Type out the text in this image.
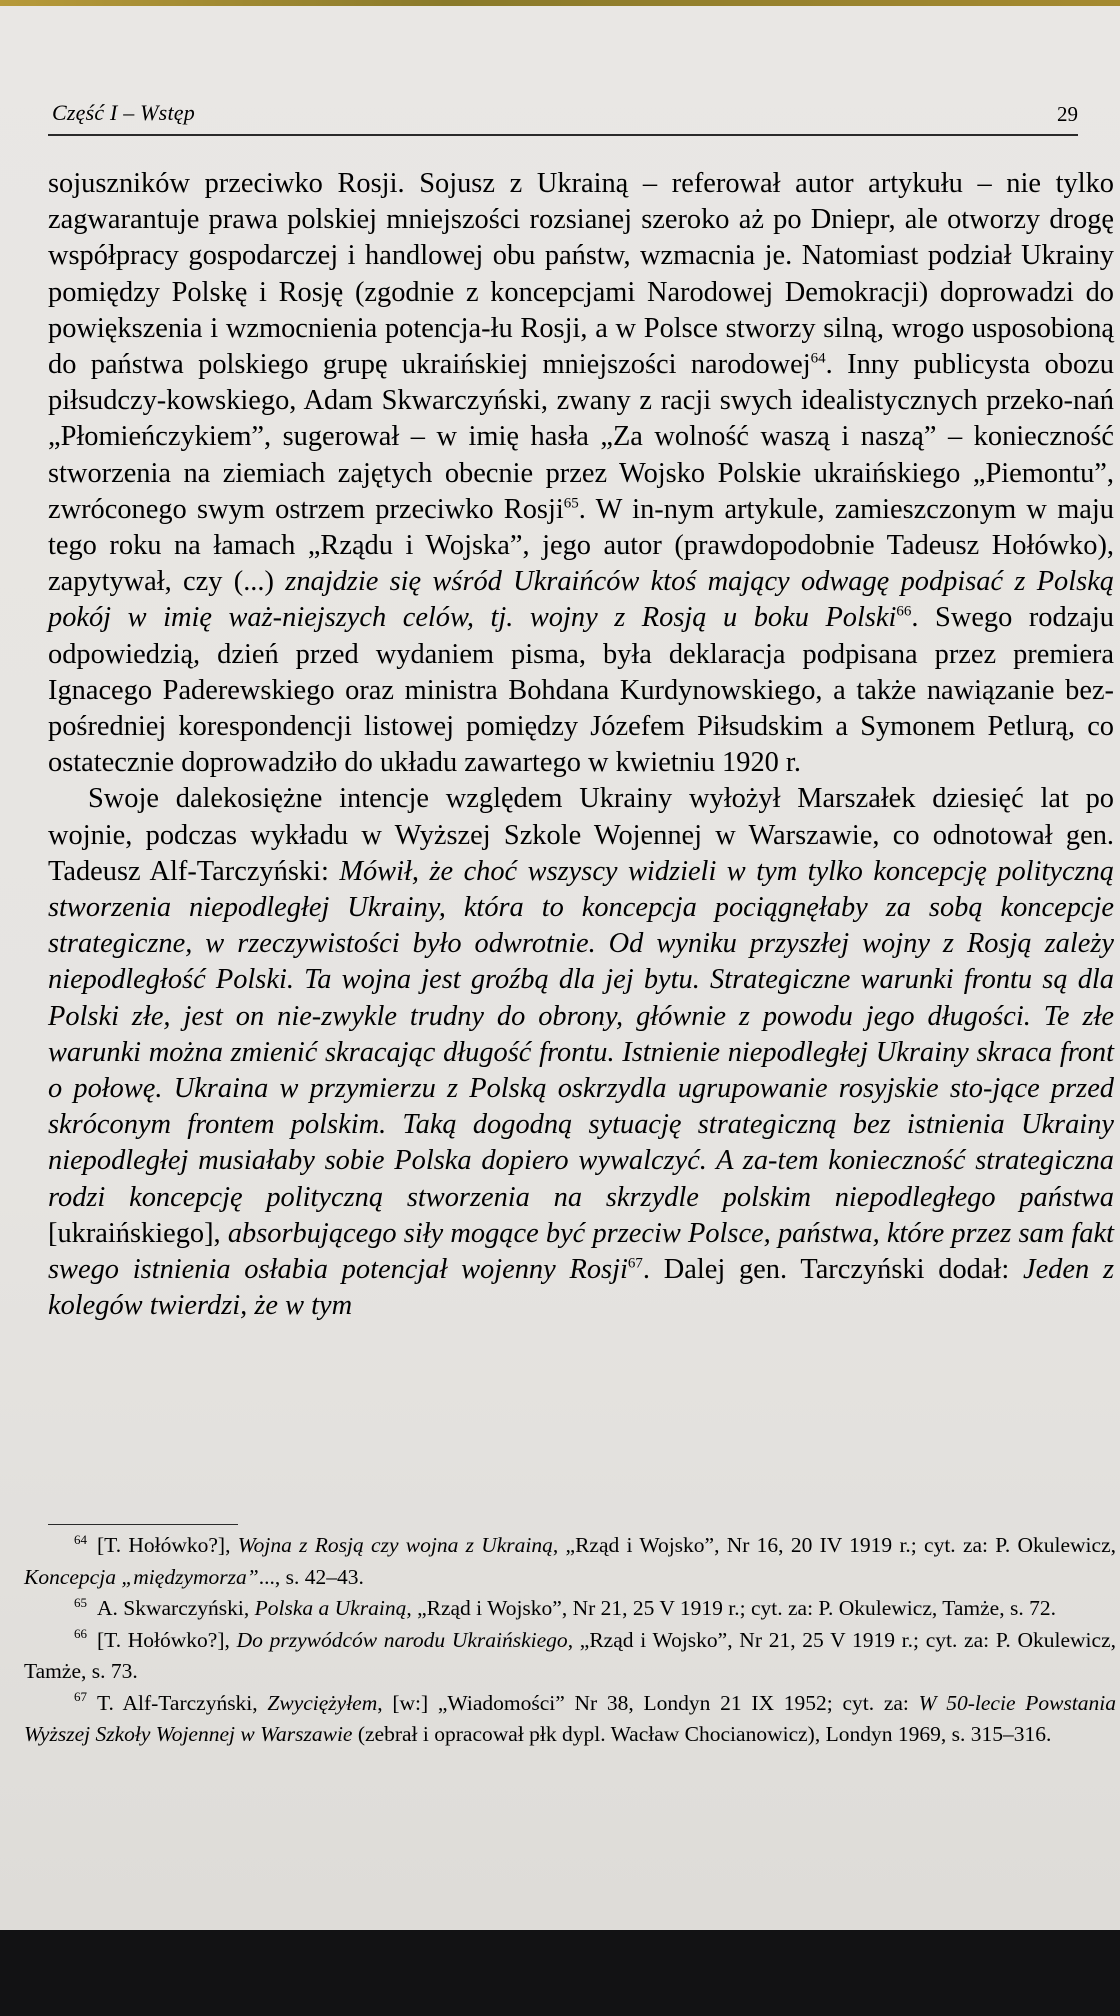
Część I – Wstęp	29

sojuszników przeciwko Rosji. Sojusz z Ukrainą – referował autor artykułu – nie tylko zagwarantuje prawa polskiej mniejszości rozsianej szeroko aż po Dniepr, ale otworzy drogę współpracy gospodarczej i handlowej obu państw, wzmacnia je. Natomiast podział Ukrainy pomiędzy Polskę i Rosję (zgodnie z koncepcjami Narodowej Demokracji) doprowadzi do powiększenia i wzmocnienia potencja-łu Rosji, a w Polsce stworzy silną, wrogo usposobioną do państwa polskiego grupę ukraińskiej mniejszości narodowej$^{64}$. Inny publicysta obozu piłsudczy-kowskiego, Adam Skwarczyński, zwany z racji swych idealistycznych przeko-nań „Płomieńczykiem”, sugerował – w imię hasła „Za wolność waszą i naszą” – konieczność stworzenia na ziemiach zajętych obecnie przez Wojsko Polskie ukraińskiego „Piemontu”, zwróconego swym ostrzem przeciwko Rosji$^{65}$. W in-nym artykule, zamieszczonym w maju tego roku na łamach „Rządu i Wojska”, jego autor (prawdopodobnie Tadeusz Hołówko), zapytywał, czy (...) znajdzie się wśród Ukraińców ktoś mający odwagę podpisać z Polską pokój w imię waż-niejszych celów, tj. wojny z Rosją u boku Polski$^{66}$. Swego rodzaju odpowiedzią, dzień przed wydaniem pisma, była deklaracja podpisana przez premiera Ignacego Paderewskiego oraz ministra Bohdana Kurdynowskiego, a także nawiązanie bez-pośredniej korespondencji listowej pomiędzy Józefem Piłsudskim a Symonem Petlurą, co ostatecznie doprowadziło do układu zawartego w kwietniu 1920 r.

Swoje dalekosiężne intencje względem Ukrainy wyłożył Marszałek dziesięć lat po wojnie, podczas wykładu w Wyższej Szkole Wojennej w Warszawie, co odnotował gen. Tadeusz Alf-Tarczyński: Mówił, że choć wszyscy widzieli w tym tylko koncepcję polityczną stworzenia niepodległej Ukrainy, która to koncepcja pociągnęłaby za sobą koncepcje strategiczne, w rzeczywistości było odwrotnie. Od wyniku przyszłej wojny z Rosją zależy niepodległość Polski. Ta wojna jest groźbą dla jej bytu. Strategiczne warunki frontu są dla Polski złe, jest on nie-zwykle trudny do obrony, głównie z powodu jego długości. Te złe warunki można zmienić skracając długość frontu. Istnienie niepodległej Ukrainy skraca front o połowę. Ukraina w przymierzu z Polską oskrzydla ugrupowanie rosyjskie sto-jące przed skróconym frontem polskim. Taką dogodną sytuację strategiczną bez istnienia Ukrainy niepodległej musiałaby sobie Polska dopiero wywalczyć. A za-tem konieczność strategiczna rodzi koncepcję polityczną stworzenia na skrzydle polskim niepodległego państwa [ukraińskiego], absorbującego siły mogące być przeciw Polsce, państwa, które przez sam fakt swego istnienia osłabia potencjał wojenny Rosji$^{67}$. Dalej gen. Tarczyński dodał: Jeden z kolegów twierdzi, że w tym

$^{64}$ [T. Hołówko?], Wojna z Rosją czy wojna z Ukrainą, „Rząd i Wojsko”, Nr 16, 20 IV 1919 r.; cyt. za: P. Okulewicz, Koncepcja „międzymorza”..., s. 42–43.

$^{65}$ A. Skwarczyński, Polska a Ukrainą, „Rząd i Wojsko”, Nr 21, 25 V 1919 r.; cyt. za: P. Okulewicz, Tamże, s. 72.

$^{66}$ [T. Hołówko?], Do przywódców narodu Ukraińskiego, „Rząd i Wojsko”, Nr 21, 25 V 1919 r.; cyt. za: P. Okulewicz, Tamże, s. 73.

$^{67}$ T. Alf-Tarczyński, Zwyciężyłem, [w:] „Wiadomości” Nr 38, Londyn 21 IX 1952; cyt. za: W 50-lecie Powstania Wyższej Szkoły Wojennej w Warszawie (zebrał i opracował płk dypl. Wacław Chocianowicz), Londyn 1969, s. 315–316.
